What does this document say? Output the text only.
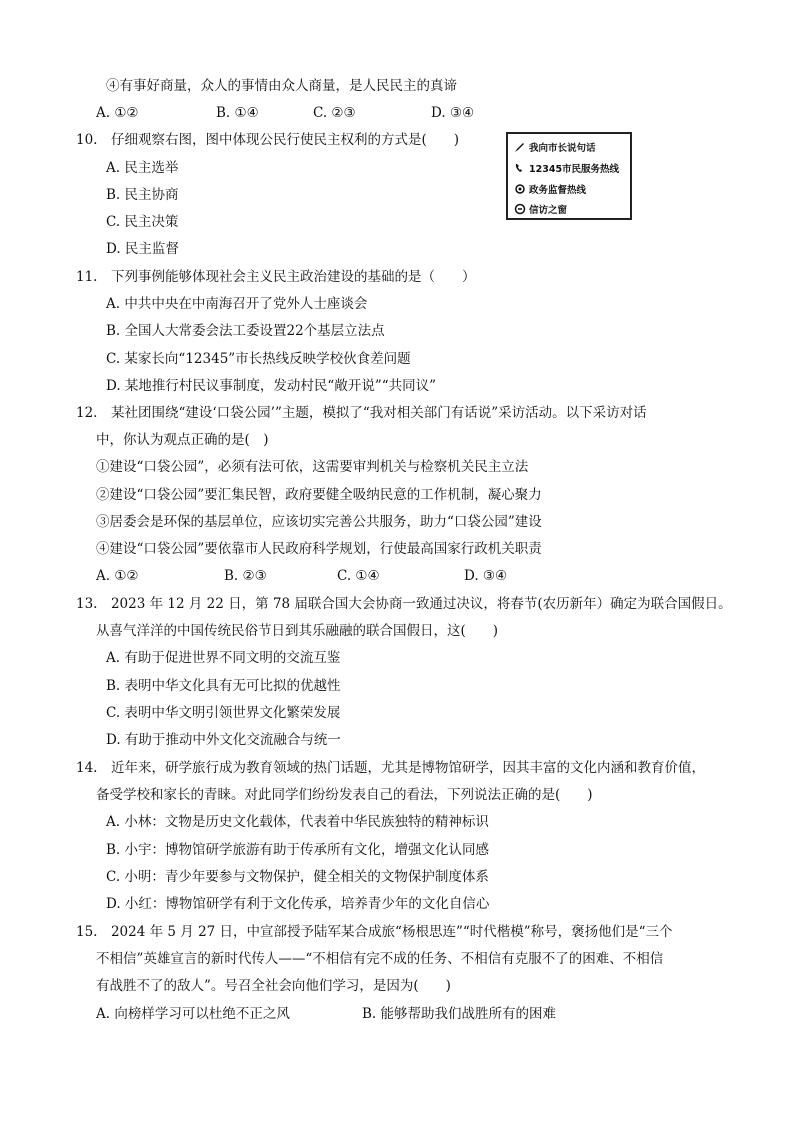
④有事好商量，众人的事情由众人商量，是人民民主的真谛
A. ①②	B. ①④	C. ②③	D. ③④
10.　仔细观察右图，图中体现公民行使民主权利的方式是(　　)
A. 民主选举
B. 民主协商
C. 民主决策
D. 民主监督
我向市长说句话
12345市民服务热线
政务监督热线
信访之窗
11.　下列事例能够体现社会主义民主政治建设的基础的是（　　）
A. 中共中央在中南海召开了党外人士座谈会
B. 全国人大常委会法工委设置22个基层立法点
C. 某家长向“12345”市长热线反映学校伙食差问题
D. 某地推行村民议事制度，发动村民“敞开说”“共同议”
12.　某社团围绕“建设‘口袋公园’”主题，模拟了“我对相关部门有话说”采访活动。以下采访对话
中，你认为观点正确的是(　)
①建设“口袋公园”，必须有法可依，这需要审判机关与检察机关民主立法
②建设“口袋公园”要汇集民智，政府要健全吸纳民意的工作机制，凝心聚力
③居委会是环保的基层单位，应该切实完善公共服务，助力“口袋公园”建设
④建设“口袋公园”要依靠市人民政府科学规划，行使最高国家行政机关职责
A. ①②	B. ②③	C. ①④	D. ③④
13.　2023 年 12 月 22 日，第 78 届联合国大会协商一致通过决议，将春节(农历新年）确定为联合国假日。
从喜气洋洋的中国传统民俗节日到其乐融融的联合国假日，这(　　)
A. 有助于促进世界不同文明的交流互鉴
B. 表明中华文化具有无可比拟的优越性
C. 表明中华文明引领世界文化繁荣发展
D. 有助于推动中外文化交流融合与统一
14.　近年来，研学旅行成为教育领域的热门话题，尤其是博物馆研学，因其丰富的文化内涵和教育价值，
备受学校和家长的青睐。对此同学们纷纷发表自己的看法，下列说法正确的是(　　)
A. 小林：文物是历史文化载体，代表着中华民族独特的精神标识
B. 小宇：博物馆研学旅游有助于传承所有文化，增强文化认同感
C. 小明：青少年要参与文物保护，健全相关的文物保护制度体系
D. 小红：博物馆研学有利于文化传承，培养青少年的文化自信心
15.　2024 年 5 月 27 日，中宣部授予陆军某合成旅“杨根思连”“时代楷模”称号，褒扬他们是“三个
不相信”英雄宣言的新时代传人——“不相信有完不成的任务、不相信有克服不了的困难、不相信
有战胜不了的敌人”。号召全社会向他们学习，是因为(　　)
A. 向榜样学习可以杜绝不正之风	B. 能够帮助我们战胜所有的困难
